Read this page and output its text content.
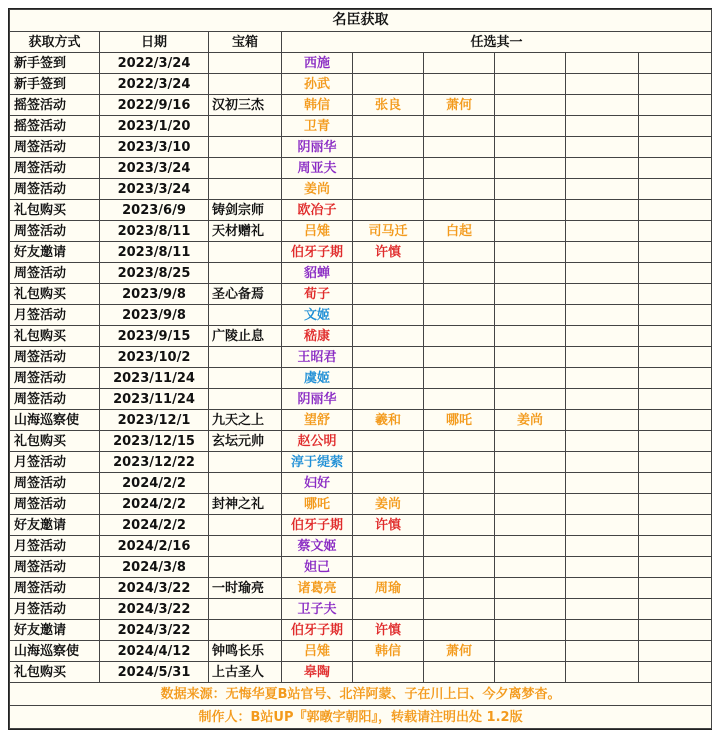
名臣获取								
获取方式	日期	宝箱	任选其一					
新手签到	2022/3/24		西施					
新手签到	2022/3/24		孙武					
摇签活动	2022/9/16	汉初三杰	韩信	张良	萧何			
摇签活动	2023/1/20		卫青					
周签活动	2023/3/10		阴丽华					
周签活动	2023/3/24		周亚夫					
周签活动	2023/3/24		姜尚					
礼包购买	2023/6/9	铸剑宗师	欧冶子					
周签活动	2023/8/11	天材赠礼	吕雉	司马迁	白起			
好友邀请	2023/8/11		伯牙子期	许慎				
周签活动	2023/8/25		貂蝉					
礼包购买	2023/9/8	圣心备焉	荀子					
月签活动	2023/9/8		文姬					
礼包购买	2023/9/15	广陵止息	嵇康					
周签活动	2023/10/2		王昭君					
周签活动	2023/11/24		虞姬					
周签活动	2023/11/24		阴丽华					
山海巡察使	2023/12/1	九天之上	望舒	羲和	哪吒	姜尚		
礼包购买	2023/12/15	玄坛元帅	赵公明					
月签活动	2023/12/22		淳于缇萦					
周签活动	2024/2/2		妇好					
周签活动	2024/2/2	封神之礼	哪吒	姜尚				
好友邀请	2024/2/2		伯牙子期	许慎				
月签活动	2024/2/16		蔡文姬					
周签活动	2024/3/8		妲己					
周签活动	2024/3/22	一时瑜亮	诸葛亮	周瑜				
月签活动	2024/3/22		卫子夫					
好友邀请	2024/3/22		伯牙子期	许慎				
山海巡察使	2024/4/12	钟鸣长乐	吕雉	韩信	萧何			
礼包购买	2024/5/31	上古圣人	皋陶					
数据来源：无悔华夏B站官号、北洋阿蒙、子在川上曰、今夕离梦杳。								
制作人：B站UP『郭暾字朝阳』，转载请注明出处 1.2版								
